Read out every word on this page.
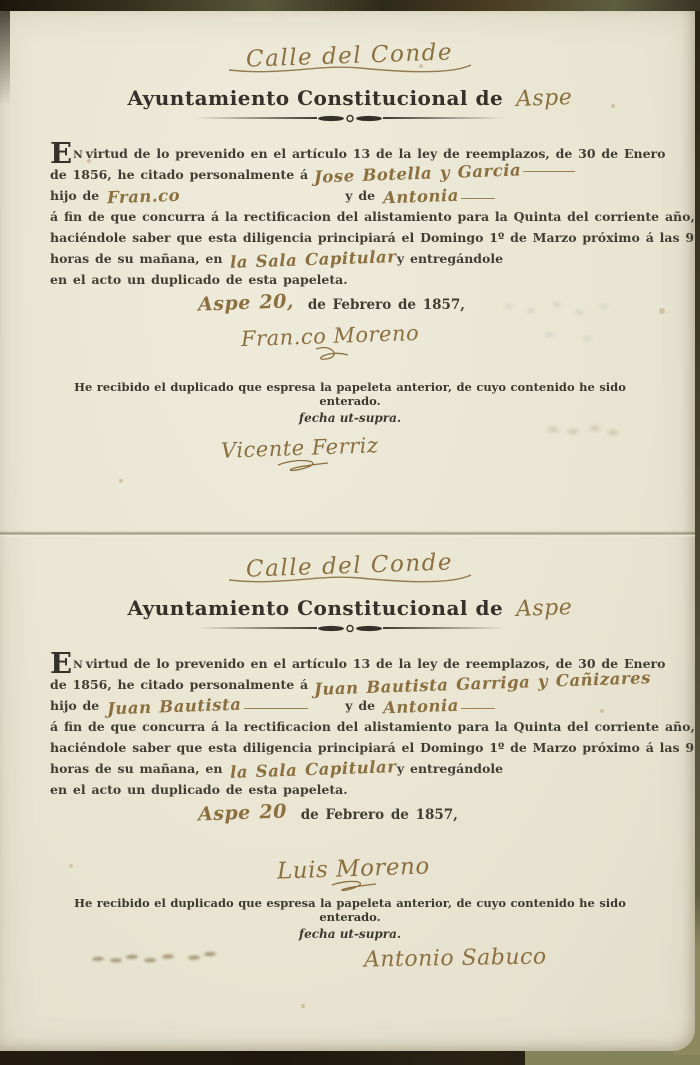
Calle del Conde
Ayuntamiento Constitucional de Aspe
EN virtud de lo prevenido en el artículo 13 de la ley de reemplazos, de 30 de Enero
de 1856, he citado personalmente á Jose Botella y Garcia
hijo de Fran.co	y de Antonia
á fin de que concurra á la rectificacion del alistamiento para la Quinta del corriente año,
haciéndole saber que esta diligencia principiará el Domingo 1º de Marzo próximo á las 9
horas de su mañana, en la Sala Capitular y entregándole
en el acto un duplicado de esta papeleta.
Aspe 20, de Febrero de 1857,
Fran.co Moreno
He recibido el duplicado que espresa la papeleta anterior, de cuyo contenido he sido enterado.
fecha ut-supra.
Vicente Ferriz
Calle del Conde
Ayuntamiento Constitucional de Aspe
EN virtud de lo prevenido en el artículo 13 de la ley de reemplazos, de 30 de Enero
de 1856, he citado personalmente á Juan Bautista Garriga y Cañizares
hijo de Juan Bautista	y de Antonia
á fin de que concurra á la rectificacion del alistamiento para la Quinta del corriente año,
haciéndole saber que esta diligencia principiará el Domingo 1º de Marzo próximo á las 9
horas de su mañana, en la Sala Capitular y entregándole
en el acto un duplicado de esta papeleta.
Aspe 20 de Febrero de 1857,
Luis Moreno
He recibido el duplicado que espresa la papeleta anterior, de cuyo contenido he sido enterado.
fecha ut-supra.
Antonio Sabuco
